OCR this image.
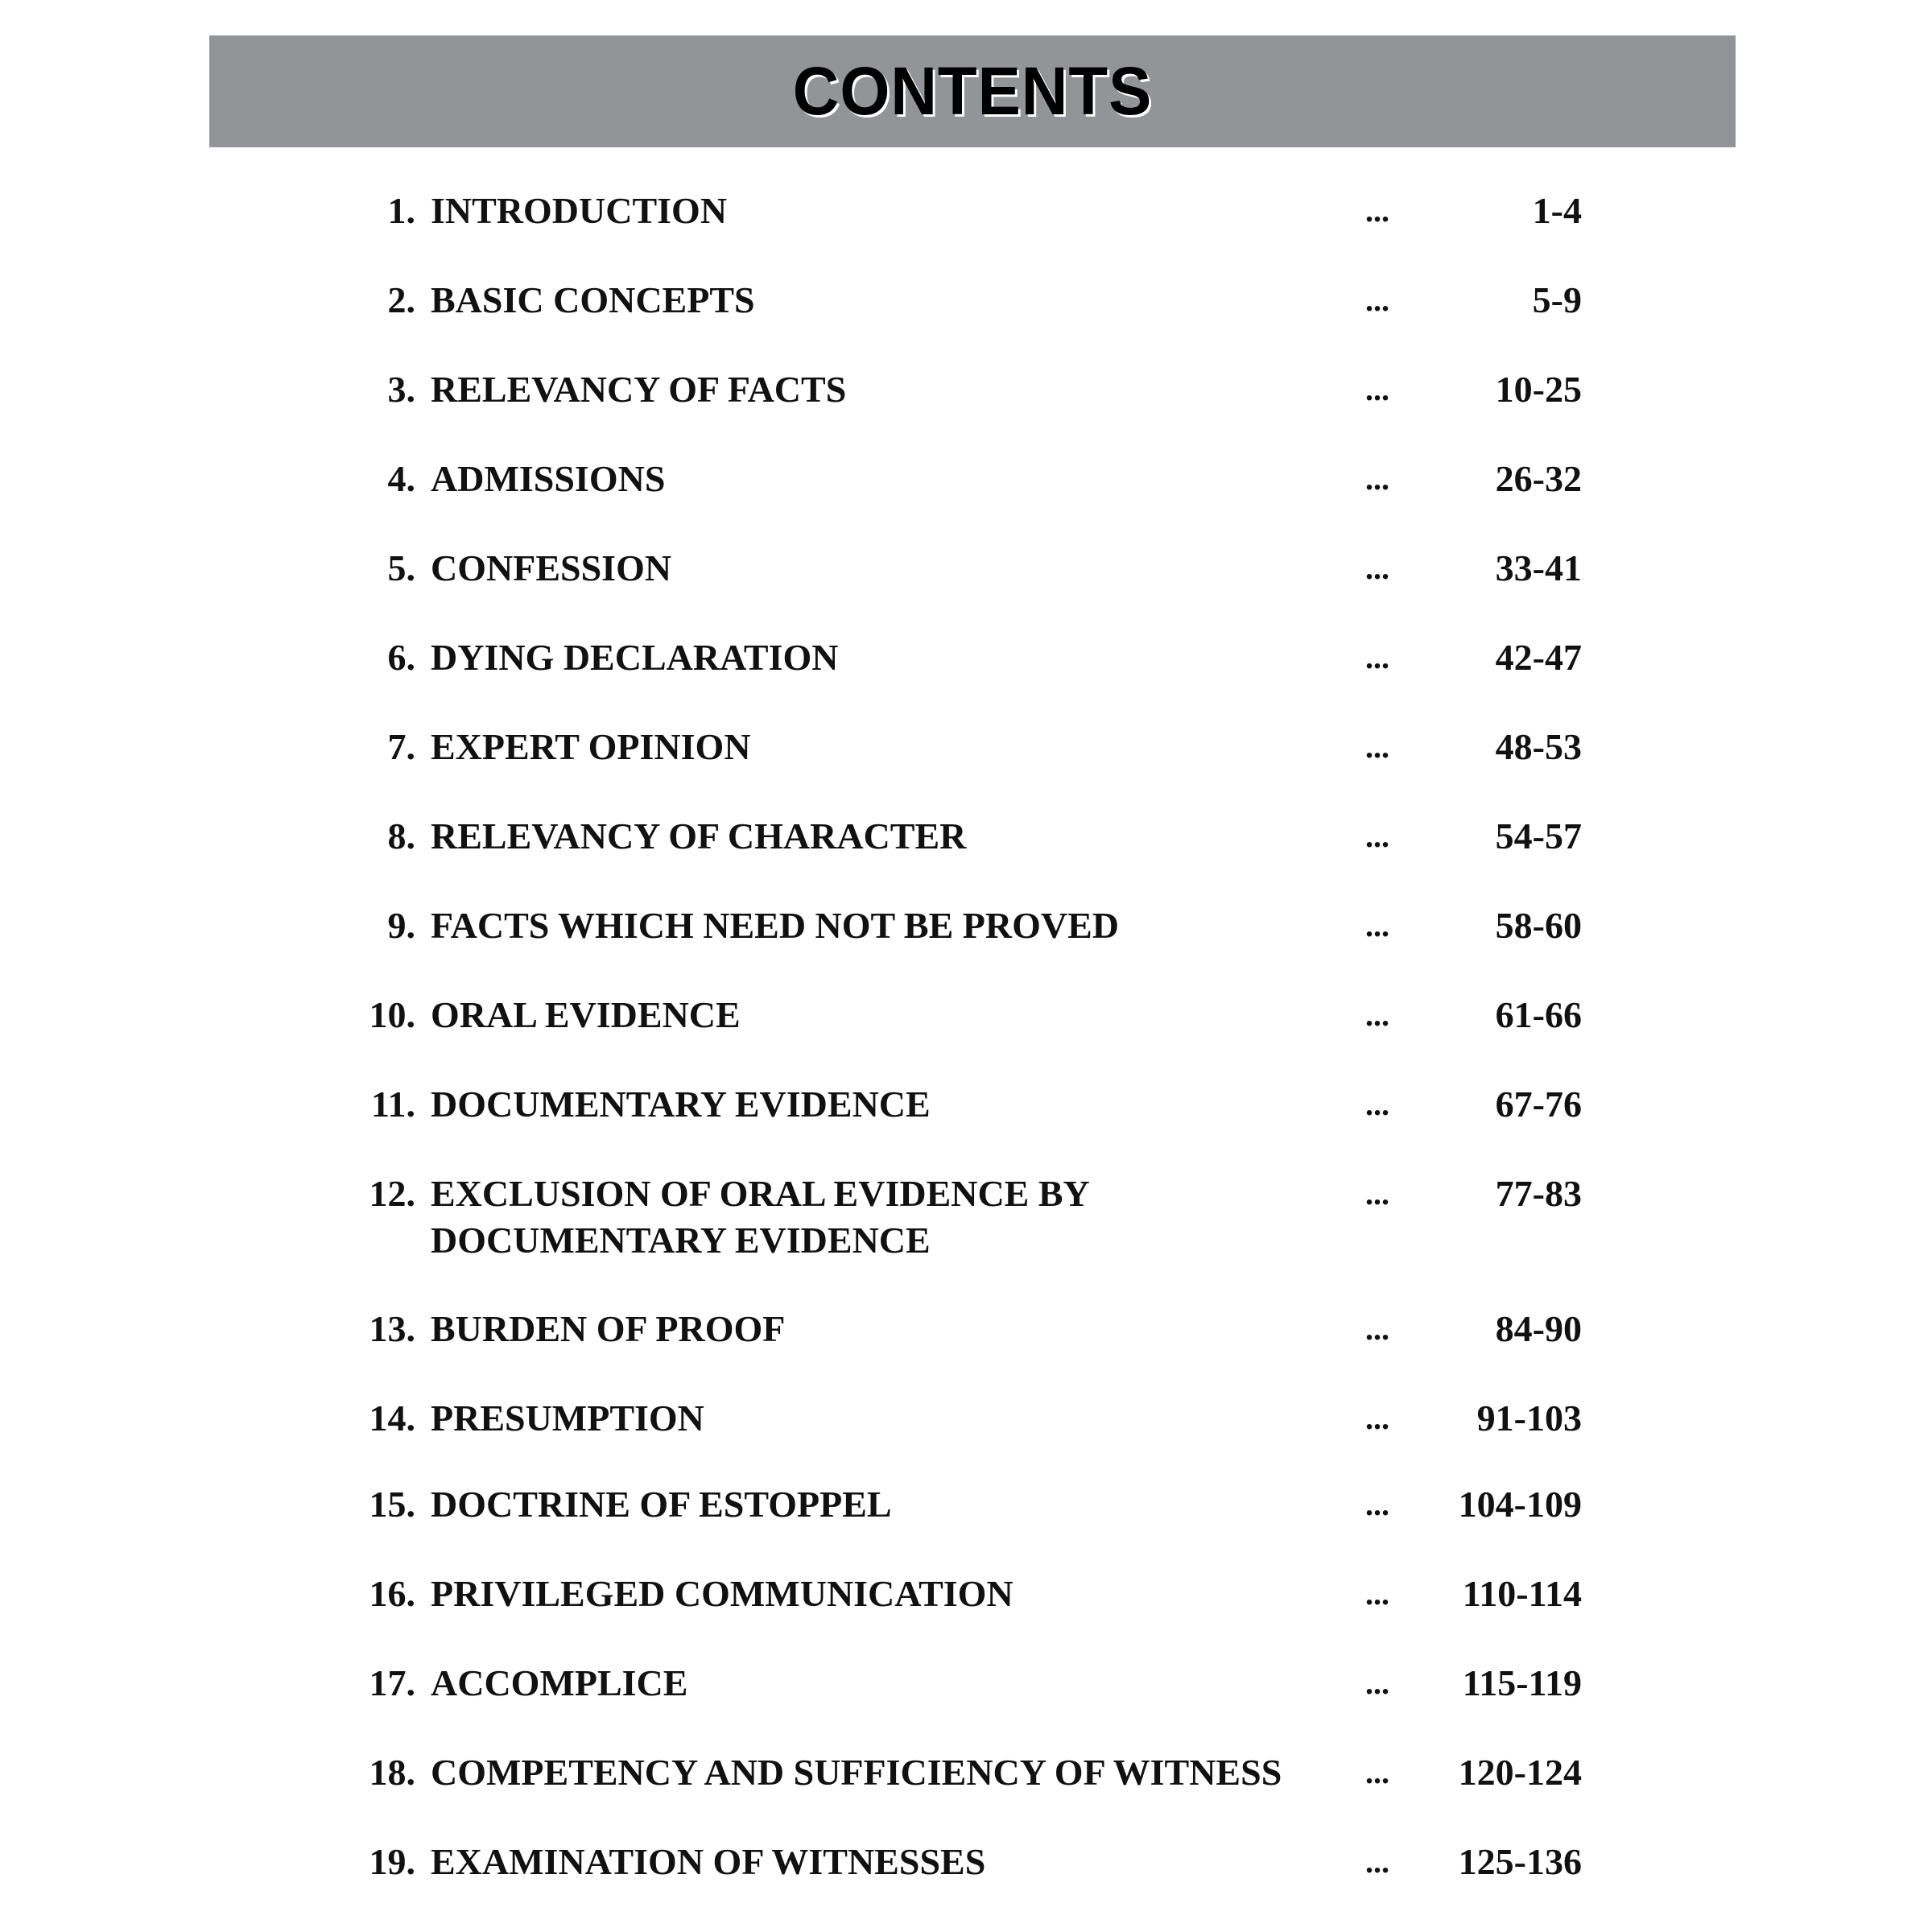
CONTENTS
1. INTRODUCTION	...	1-4
2. BASIC CONCEPTS	...	5-9
3. RELEVANCY OF FACTS	...	10-25
4. ADMISSIONS	...	26-32
5. CONFESSION	...	33-41
6. DYING DECLARATION	...	42-47
7. EXPERT OPINION	...	48-53
8. RELEVANCY OF CHARACTER	...	54-57
9. FACTS WHICH NEED NOT BE PROVED	...	58-60
10. ORAL EVIDENCE	...	61-66
11. DOCUMENTARY EVIDENCE	...	67-76
12. EXCLUSION OF ORAL EVIDENCE BY
DOCUMENTARY EVIDENCE
...	77-83
13. BURDEN OF PROOF	...	84-90
14. PRESUMPTION	... 91-103
15. DOCTRINE OF ESTOPPEL	... 104-109
16. PRIVILEGED COMMUNICATION	... 110-114
17. ACCOMPLICE	... 115-119
18. COMPETENCY AND SUFFICIENCY OF WITNESS	... 120-124
19. EXAMINATION OF WITNESSES	... 125-136
